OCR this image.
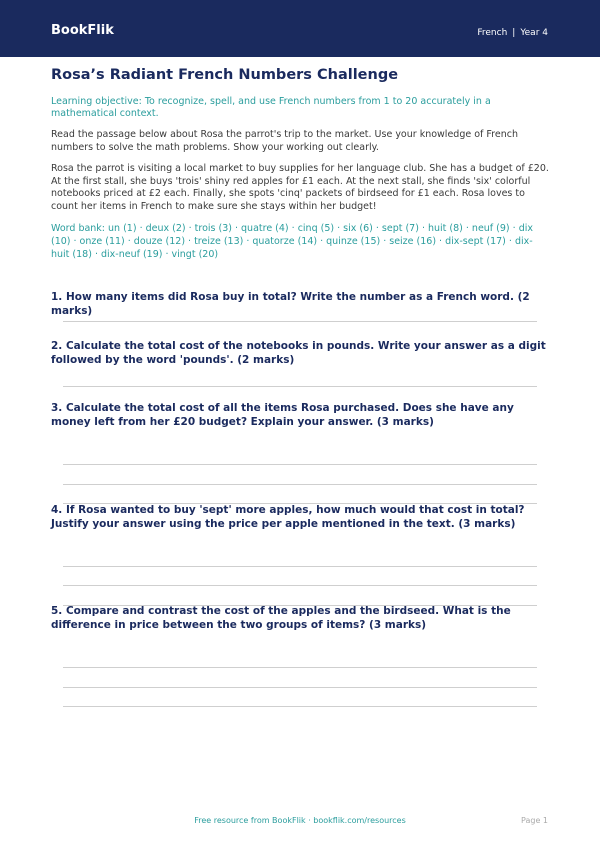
BookFlik	French | Year 4
Rosa’s Radiant French Numbers Challenge
Learning objective: To recognize, spell, and use French numbers from 1 to 20 accurately in a mathematical context.
Read the passage below about Rosa the parrot's trip to the market. Use your knowledge of French numbers to solve the math problems. Show your working out clearly.
Rosa the parrot is visiting a local market to buy supplies for her language club. She has a budget of £20. At the first stall, she buys 'trois' shiny red apples for £1 each. At the next stall, she finds 'six' colorful notebooks priced at £2 each. Finally, she spots 'cinq' packets of birdseed for £1 each. Rosa loves to count her items in French to make sure she stays within her budget!
Word bank: un (1) · deux (2) · trois (3) · quatre (4) · cinq (5) · six (6) · sept (7) · huit (8) · neuf (9) · dix (10) · onze (11) · douze (12) · treize (13) · quatorze (14) · quinze (15) · seize (16) · dix-sept (17) · dix-huit (18) · dix-neuf (19) · vingt (20)
1. How many items did Rosa buy in total? Write the number as a French word. (2 marks)
2. Calculate the total cost of the notebooks in pounds. Write your answer as a digit followed by the word 'pounds'. (2 marks)
3. Calculate the total cost of all the items Rosa purchased. Does she have any money left from her £20 budget? Explain your answer. (3 marks)
4. If Rosa wanted to buy 'sept' more apples, how much would that cost in total? Justify your answer using the price per apple mentioned in the text. (3 marks)
5. Compare and contrast the cost of the apples and the birdseed. What is the difference in price between the two groups of items? (3 marks)
Free resource from BookFlik · bookflik.com/resources	Page 1
